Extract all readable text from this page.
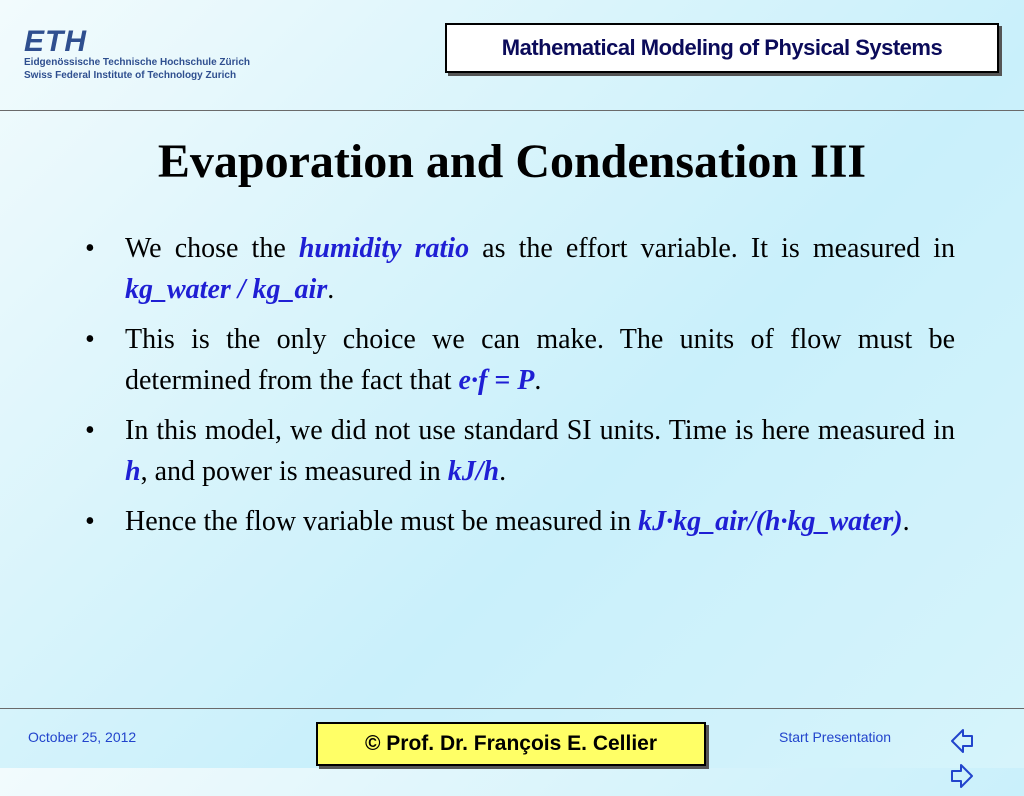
ETH
Eidgenössische Technische Hochschule Zürich
Swiss Federal Institute of Technology Zurich
Mathematical Modeling of Physical Systems
Evaporation and Condensation III
• We chose the humidity ratio as the effort variable. It is measured in kg_water / kg_air.
• This is the only choice we can make. The units of flow must be determined from the fact that e·f = P.
• In this model, we did not use standard SI units. Time is here measured in h, and power is measured in kJ/h.
• Hence the flow variable must be measured in kJ·kg_air/(h·kg_water).
October 25, 2012	© Prof. Dr. François E. Cellier	Start Presentation
